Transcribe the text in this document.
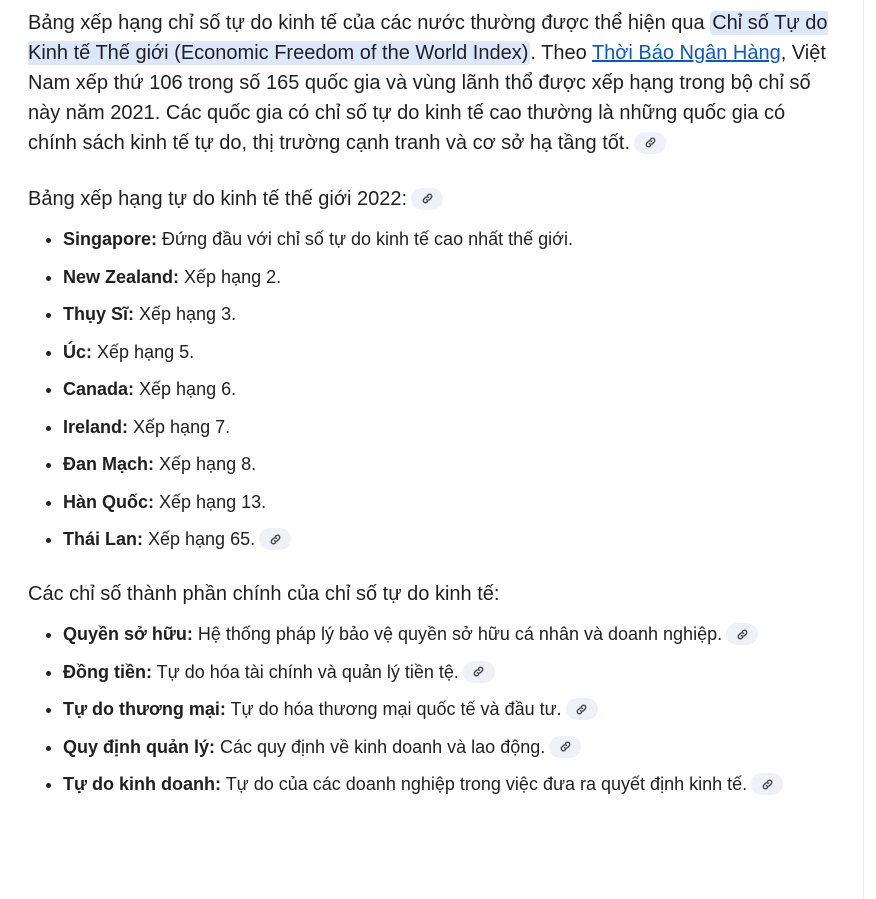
Bảng xếp hạng chỉ số tự do kinh tế của các nước thường được thể hiện qua Chỉ số Tự do Kinh tế Thế giới (Economic Freedom of the World Index) . Theo Thời Báo Ngân Hàng, Việt Nam xếp thứ 106 trong số 165 quốc gia và vùng lãnh thổ được xếp hạng trong bộ chỉ số này năm 2021. Các quốc gia có chỉ số tự do kinh tế cao thường là những quốc gia có chính sách kinh tế tự do, thị trường cạnh tranh và cơ sở hạ tầng tốt.

Bảng xếp hạng tự do kinh tế thế giới 2022:
• Singapore: Đứng đầu với chỉ số tự do kinh tế cao nhất thế giới.
• New Zealand: Xếp hạng 2.
• Thụy Sĩ: Xếp hạng 3.
• Úc: Xếp hạng 5.
• Canada: Xếp hạng 6.
• Ireland: Xếp hạng 7.
• Đan Mạch: Xếp hạng 8.
• Hàn Quốc: Xếp hạng 13.
• Thái Lan: Xếp hạng 65.
Các chỉ số thành phần chính của chỉ số tự do kinh tế:
• Quyền sở hữu: Hệ thống pháp lý bảo vệ quyền sở hữu cá nhân và doanh nghiệp.
• Đồng tiền: Tự do hóa tài chính và quản lý tiền tệ.
• Tự do thương mại: Tự do hóa thương mại quốc tế và đầu tư.
• Quy định quản lý: Các quy định về kinh doanh và lao động.
• Tự do kinh doanh: Tự do của các doanh nghiệp trong việc đưa ra quyết định kinh tế.
